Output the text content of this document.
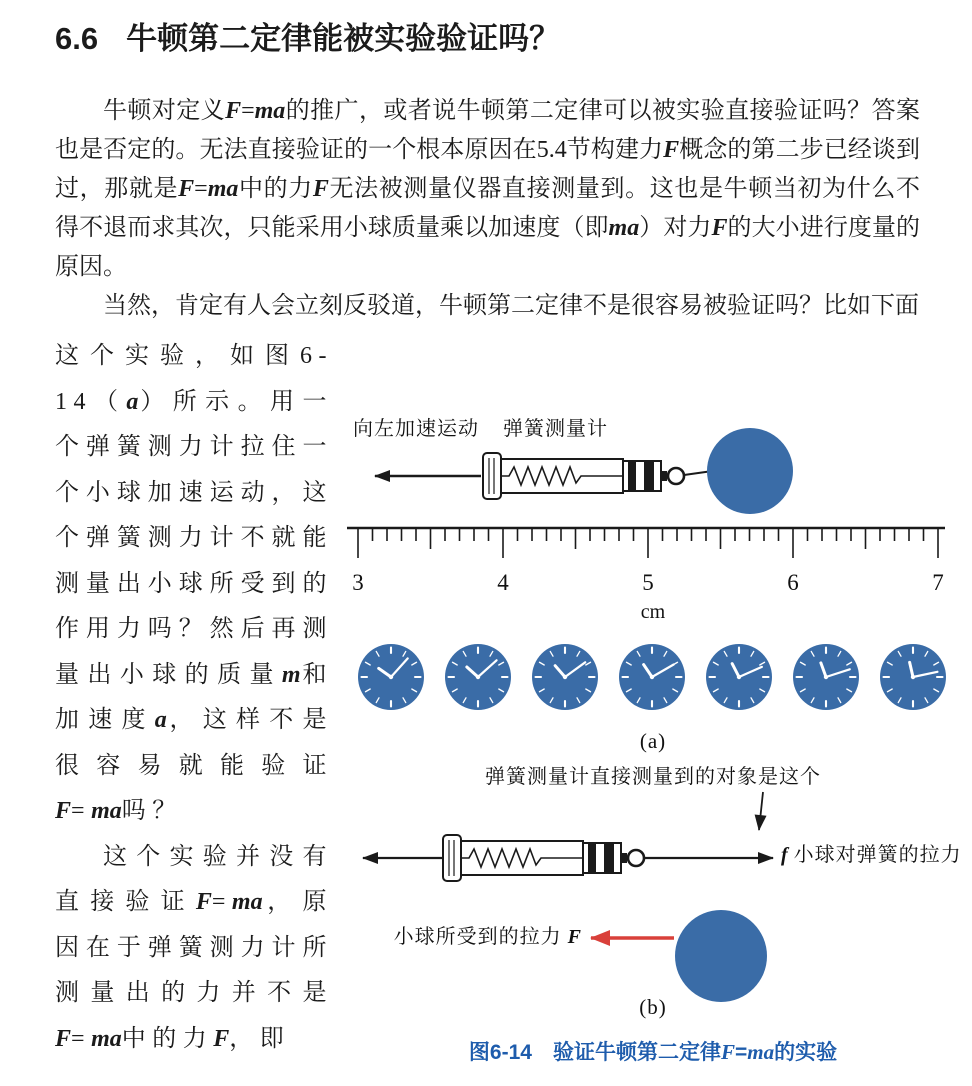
6.6 牛顿第二定律能被实验验证吗？

牛顿对定义F=ma的推广，或者说牛顿第二定律可以被实验直接验证吗？答案也是否定的。无法直接验证的一个根本原因在5.4节构建力F概念的第二步已经谈到过，那就是F=ma中的力F无法被测量仪器直接测量到。这也是牛顿当初为什么不得不退而求其次，只能采用小球质量乘以加速度（即ma）对力F的大小进行度量的原因。

当然，肯定有人会立刻反驳道，牛顿第二定律不是很容易被验证吗？比如下面

这个实验，如图6-14（a）所示。用一个弹簧测力计拉住一个小球加速运动，这个弹簧测力计不就能测量出小球所受到的作用力吗？然后再测量出小球的质量m和加速度a，这样不是很容易就能验证F=ma吗？

这个实验并没有直接验证F=ma，原因在于弹簧测力计所测量出的力并不是F=ma中的力F，即

3	4	5	6	7
cm
向左加速运动 弹簧测量计
(a)
弹簧测量计直接测量到的对象是这个
f 小球对弹簧的拉力
小球所受到的拉力 F
(b)
图6-14　验证牛顿第二定律F=ma的实验
